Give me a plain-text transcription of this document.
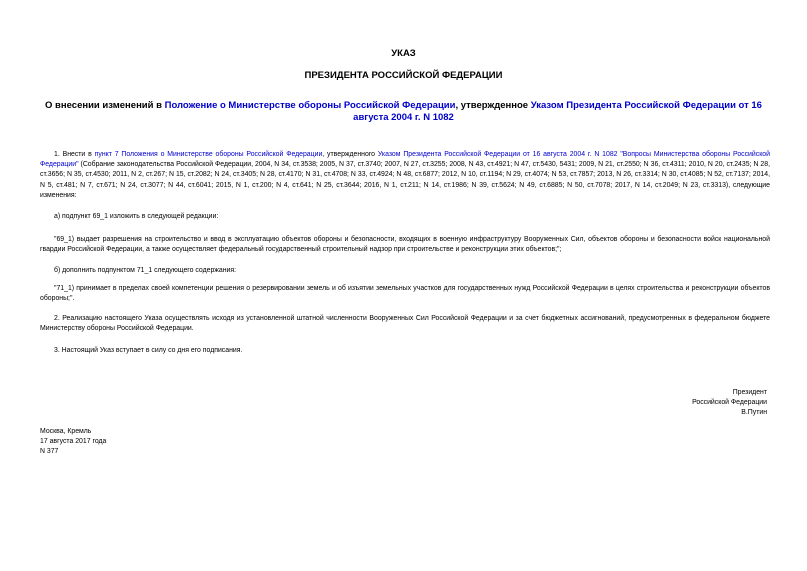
УКАЗ
ПРЕЗИДЕНТА РОССИЙСКОЙ ФЕДЕРАЦИИ
О внесении изменений в Положение о Министерстве обороны Российской Федерации, утвержденное Указом Президента Российской Федерации от 16 августа 2004 г. N 1082
1. Внести в пункт 7 Положения о Министерстве обороны Российской Федерации, утвержденного Указом Президента Российской Федерации от 16 августа 2004 г. N 1082 "Вопросы Министерства обороны Российской Федерации" (Собрание законодательства Российской Федерации, 2004, N 34, ст.3538; 2005, N 37, ст.3740; 2007, N 27, ст.3255; 2008, N 43, ст.4921; N 47, ст.5430, 5431; 2009, N 21, ст.2550; N 36, ст.4311; 2010, N 20, ст.2435; N 28, ст.3656; N 35, ст.4530; 2011, N 2, ст.267; N 15, ст.2082; N 24, ст.3405; N 28, ст.4170; N 31, ст.4708; N 33, ст.4924; N 48, ст.6877; 2012, N 10, ст.1194; N 29, ст.4074; N 53, ст.7857; 2013, N 26, ст.3314; N 30, ст.4085; N 52, ст.7137; 2014, N 5, ст.481; N 7, ст.671; N 24, ст.3077; N 44, ст.6041; 2015, N 1, ст.200; N 4, ст.641; N 25, ст.3644; 2016, N 1, ст.211; N 14, ст.1986; N 39, ст.5624; N 49, ст.6885; N 50, ст.7078; 2017, N 14, ст.2049; N 23, ст.3313), следующие изменения:
а) подпункт 69_1 изложить в следующей редакции:
"69_1) выдает разрешения на строительство и ввод в эксплуатацию объектов обороны и безопасности, входящих в военную инфраструктуру Вооруженных Сил, объектов обороны и безопасности войск национальной гвардии Российской Федерации, а также осуществляет федеральный государственный строительный надзор при строительстве и реконструкции этих объектов;";
б) дополнить подпунктом 71_1 следующего содержания:
"71_1) принимает в пределах своей компетенции решения о резервировании земель и об изъятии земельных участков для государственных нужд Российской Федерации в целях строительства и реконструкции объектов обороны;".
2. Реализацию настоящего Указа осуществлять исходя из установленной штатной численности Вооруженных Сил Российской Федерации и за счет бюджетных ассигнований, предусмотренных в федеральном бюджете Министерству обороны Российской Федерации.
3. Настоящий Указ вступает в силу со дня его подписания.
Президент
Российской Федерации
В.Путин
Москва, Кремль
17 августа 2017 года
N 377
